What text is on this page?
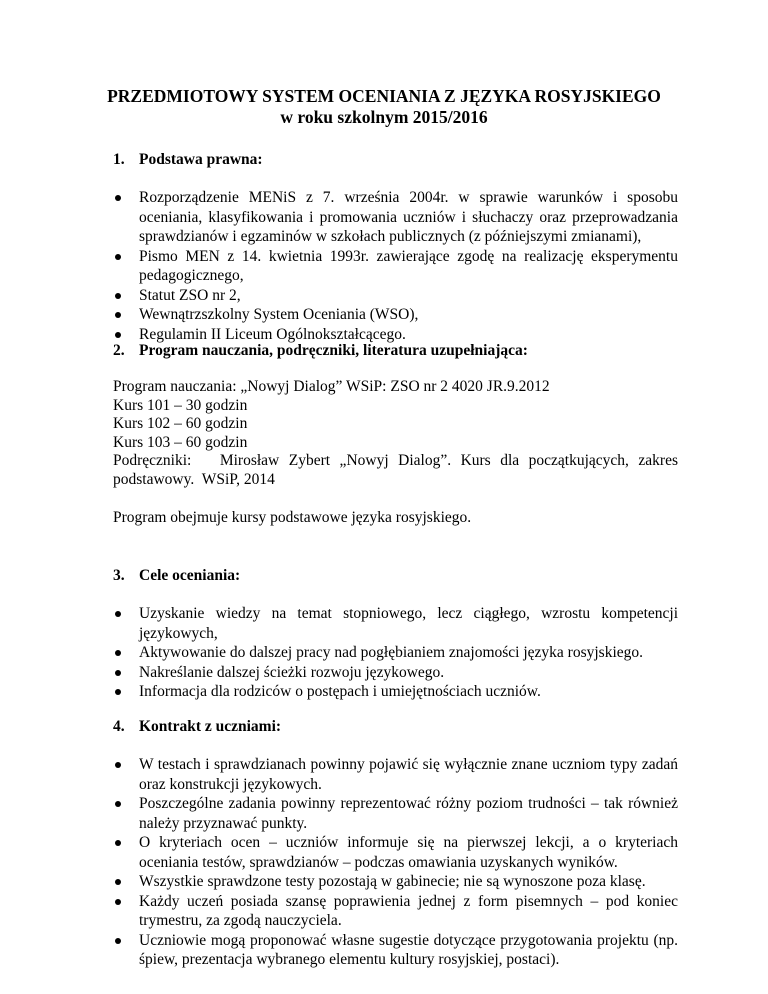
PRZEDMIOTOWY SYSTEM OCENIANIA Z JĘZYKA ROSYJSKIEGO
w roku szkolnym 2015/2016
1. Podstawa prawna:
Rozporządzenie MENiS z 7. września 2004r. w sprawie warunków i sposobu oceniania, klasyfikowania i promowania uczniów i słuchaczy oraz przeprowadzania sprawdzianów i egzaminów w szkołach publicznych (z późniejszymi zmianami),
Pismo MEN z 14. kwietnia 1993r. zawierające zgodę na realizację eksperymentu pedagogicznego,
Statut ZSO nr 2,
Wewnątrzszkolny System Oceniania (WSO),
Regulamin II Liceum Ogólnokształcącego.
2. Program nauczania, podręczniki, literatura uzupełniająca:
Program nauczania: „Nowyj Dialog” WSiP: ZSO nr 2 4020 JR.9.2012
Kurs 101 – 30 godzin
Kurs 102 – 60 godzin
Kurs 103 – 60 godzin
Podręczniki:   Mirosław Zybert „Nowyj Dialog”. Kurs dla początkujących, zakres
podstawowy.  WSiP, 2014
Program obejmuje kursy podstawowe języka rosyjskiego.
3. Cele oceniania:
Uzyskanie wiedzy na temat stopniowego, lecz ciągłego, wzrostu kompetencji językowych,
Aktywowanie do dalszej pracy nad pogłębianiem znajomości języka rosyjskiego.
Nakreślanie dalszej ścieżki rozwoju językowego.
Informacja dla rodziców o postępach i umiejętnościach uczniów.
4. Kontrakt z uczniami:
W testach i sprawdzianach powinny pojawić się wyłącznie znane uczniom typy zadań oraz konstrukcji językowych.
Poszczególne zadania powinny reprezentować różny poziom trudności – tak również należy przyznawać punkty.
O kryteriach ocen – uczniów informuje się na pierwszej lekcji, a o kryteriach oceniania testów, sprawdzianów – podczas omawiania uzyskanych wyników.
Wszystkie sprawdzone testy pozostają w gabinecie; nie są wynoszone poza klasę.
Każdy uczeń posiada szansę poprawienia jednej z form pisemnych – pod koniec trymestru, za zgodą nauczyciela.
Uczniowie mogą proponować własne sugestie dotyczące przygotowania projektu (np. śpiew, prezentacja wybranego elementu kultury rosyjskiej, postaci).
